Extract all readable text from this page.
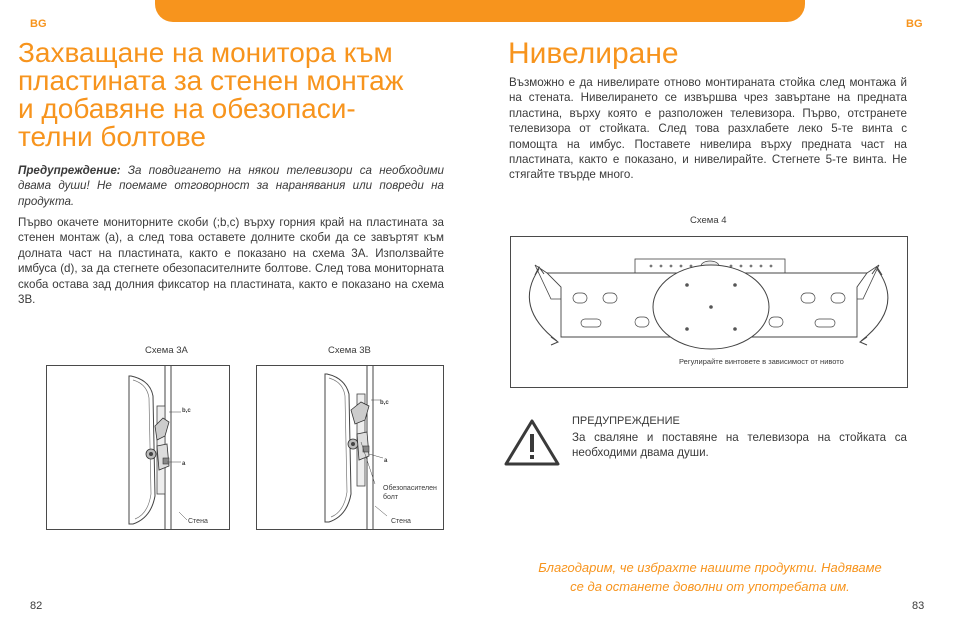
BG	BG
Захващане на монитора към
пластината за стенен монтаж
и добавяне на обезопаси-
телни болтове

Предупреждение: За повдигането на някои телевизори са необходими двама души! Не поемаме отговорност за наранявания или повреди на продукта.

Първо окачете мониторните скоби (;b,c) върху горния край на пластината за стенен монтаж (а), а след това оставете долните скоби да се завъртят към долната част на пластината, както е показано на схема 3А. Използвайте имбуса (d), за да стегнете обезопасителните болтове. След това мониторната скоба остава зад долния фиксатор на пластината, както е показано на схема 3B.

Схема 3А
b,c
a
Стена
Схема 3B
b,c
a
Обезопасителен болт
Стена
82
Нивелиране

Възможно е да нивелирате отново монтираната стойка след монтажа й на стената. Нивелирането се извършва чрез завъртане на предната пластина, върху която е разположен телевизора. Първо, отстранете телевизора от стойката. След това разхлабете леко 5-те винта с помощта на имбус. Поставете нивелира върху предната част на пластината, както е показано, и нивелирайте. Стегнете 5-те винта. Не стягайте твърде много.

Схема 4
Регулирайте винтовете в зависимост от нивото
ПРЕДУПРЕЖДЕНИЕ

За сваляне и поставяне на телевизора на стойката са необходими двама души.

Благодарим, че избрахте нашите продукти. Надяваме
се да останете доволни от употребата им.
83
